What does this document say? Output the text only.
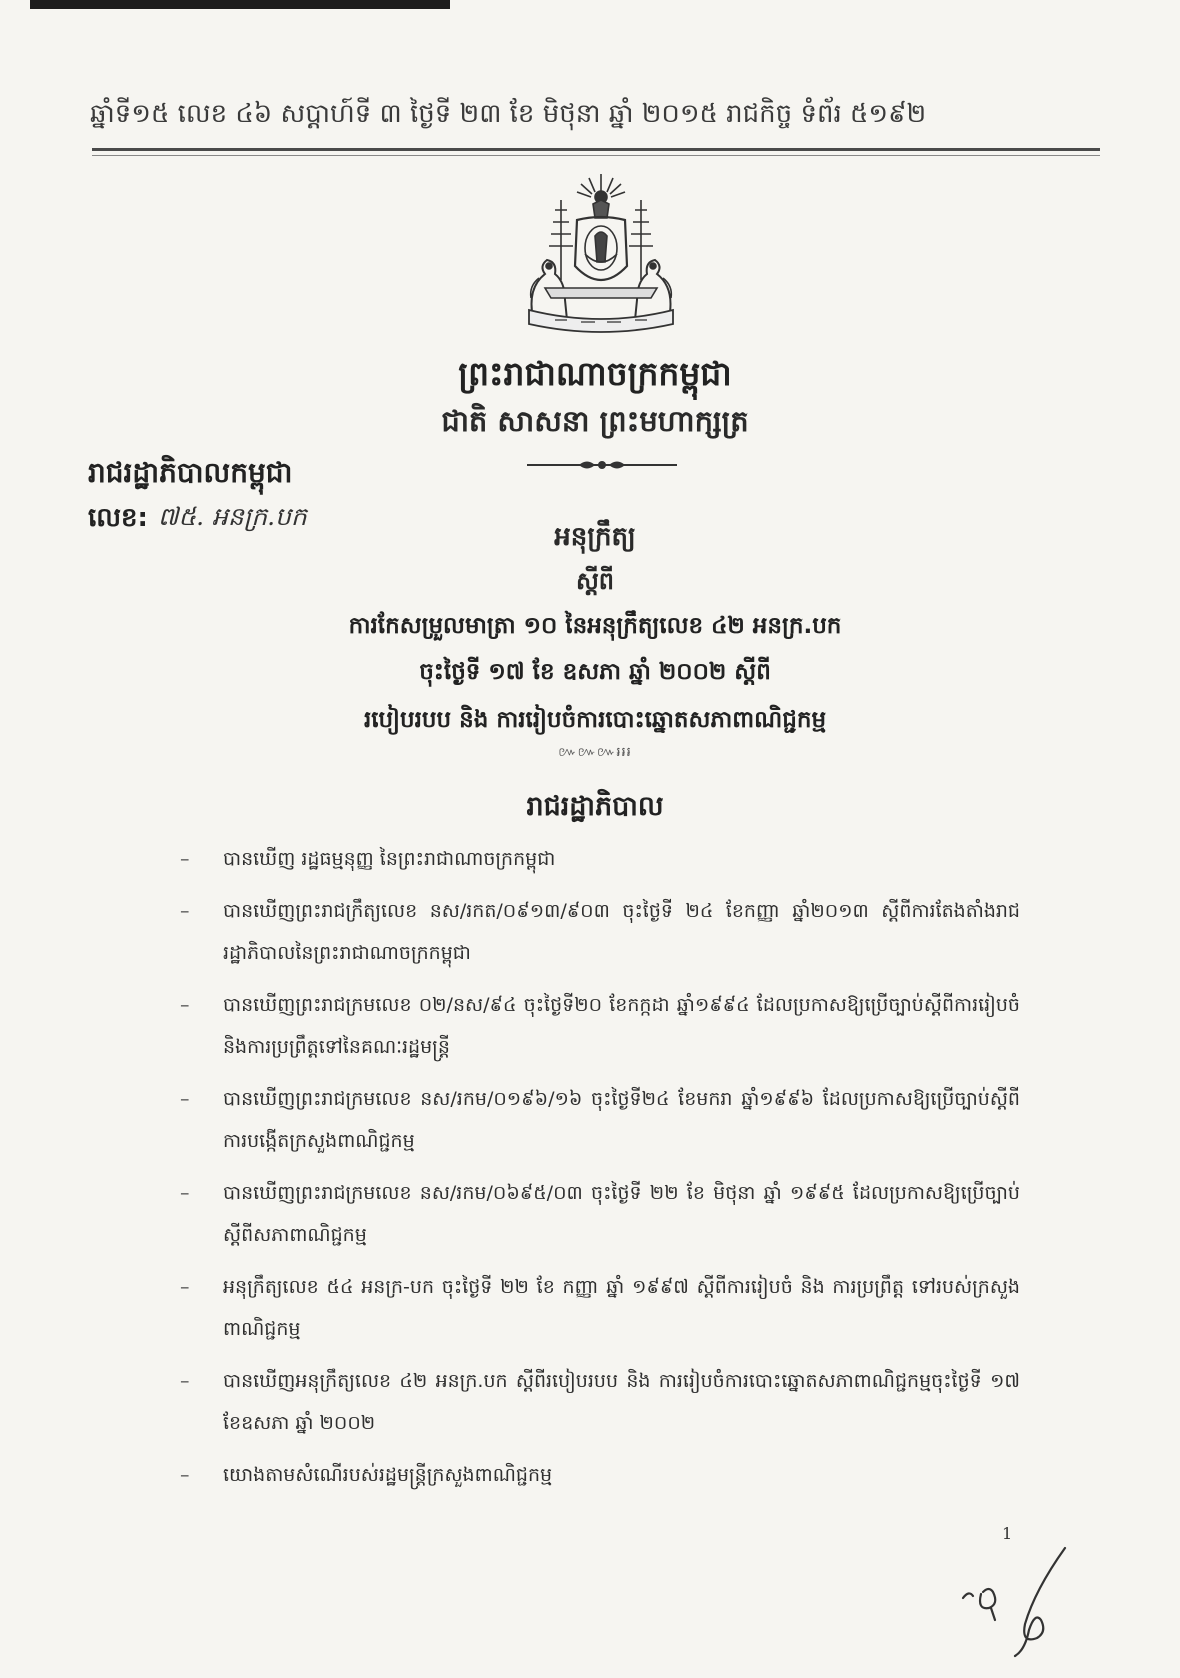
ឆ្នាំទី១៥ លេខ ៤៦ សប្តាហ៍ទី ៣ ថ្ងៃទី ២៣ ខែ មិថុនា ឆ្នាំ ២០១៥ រាជកិច្ច ទំព័រ ៥១៩២
ព្រះរាជាណាចក្រកម្ពុជា
ជាតិ សាសនា ព្រះមហាក្សត្រ
រាជរដ្ឋាភិបាលកម្ពុជា
លេខ: ៧៥. អនក្រ.បក
អនុក្រឹត្យ
ស្តីពី
ការកែសម្រួលមាត្រា ១០ នៃអនុក្រឹត្យលេខ ៤២ អនក្រ.បក
ចុះថ្ងៃទី ១៧ ខែ ឧសភា ឆ្នាំ ២០០២ ស្តីពី
របៀបរបប និង ការរៀបចំការបោះឆ្នោតសភាពាណិជ្ជកម្ម
៚៚៚៛៛៛
រាជរដ្ឋាភិបាល
– បានឃើញ រដ្ឋធម្មនុញ្ញ នៃព្រះរាជាណាចក្រកម្ពុជា
– បានឃើញព្រះរាជក្រឹត្យលេខ នស/រកត/០៩១៣/៩០៣ ចុះថ្ងៃទី ២៤ ខែកញ្ញា ឆ្នាំ២០១៣ ស្តីពីការតែងតាំងរាជរដ្ឋាភិបាលនៃព្រះរាជាណាចក្រកម្ពុជា
– បានឃើញព្រះរាជក្រមលេខ ០២/នស/៩៤ ចុះថ្ងៃទី២០ ខែកក្កដា ឆ្នាំ១៩៩៤ ដែលប្រកាសឱ្យប្រើច្បាប់ស្តីពីការរៀបចំនិងការប្រព្រឹត្តទៅនៃគណៈរដ្ឋមន្ត្រី
– បានឃើញព្រះរាជក្រមលេខ នស/រកម/០១៩៦/១៦ ចុះថ្ងៃទី២៤ ខែមករា ឆ្នាំ១៩៩៦ ដែលប្រកាសឱ្យប្រើច្បាប់ស្តីពីការបង្កើតក្រសួងពាណិជ្ជកម្ម
– បានឃើញព្រះរាជក្រមលេខ នស/រកម/០៦៩៥/០៣ ចុះថ្ងៃទី ២២ ខែ មិថុនា ឆ្នាំ ១៩៩៥ ដែលប្រកាសឱ្យប្រើច្បាប់ស្តីពីសភាពាណិជ្ជកម្ម
– អនុក្រឹត្យលេខ ៥៤ អនក្រ-បក ចុះថ្ងៃទី ២២ ខែ កញ្ញា ឆ្នាំ ១៩៩៧ ស្តីពីការរៀបចំ និង ការប្រព្រឹត្ត ទៅរបស់ក្រសួងពាណិជ្ជកម្ម
– បានឃើញអនុក្រឹត្យលេខ ៤២ អនក្រ.បក ស្តីពីរបៀបរបប និង ការរៀបចំការបោះឆ្នោតសភាពាណិជ្ជកម្មចុះថ្ងៃទី ១៧ ខែឧសភា ឆ្នាំ ២០០២
– យោងតាមសំណើរបស់រដ្ឋមន្ត្រីក្រសួងពាណិជ្ជកម្ម
1
